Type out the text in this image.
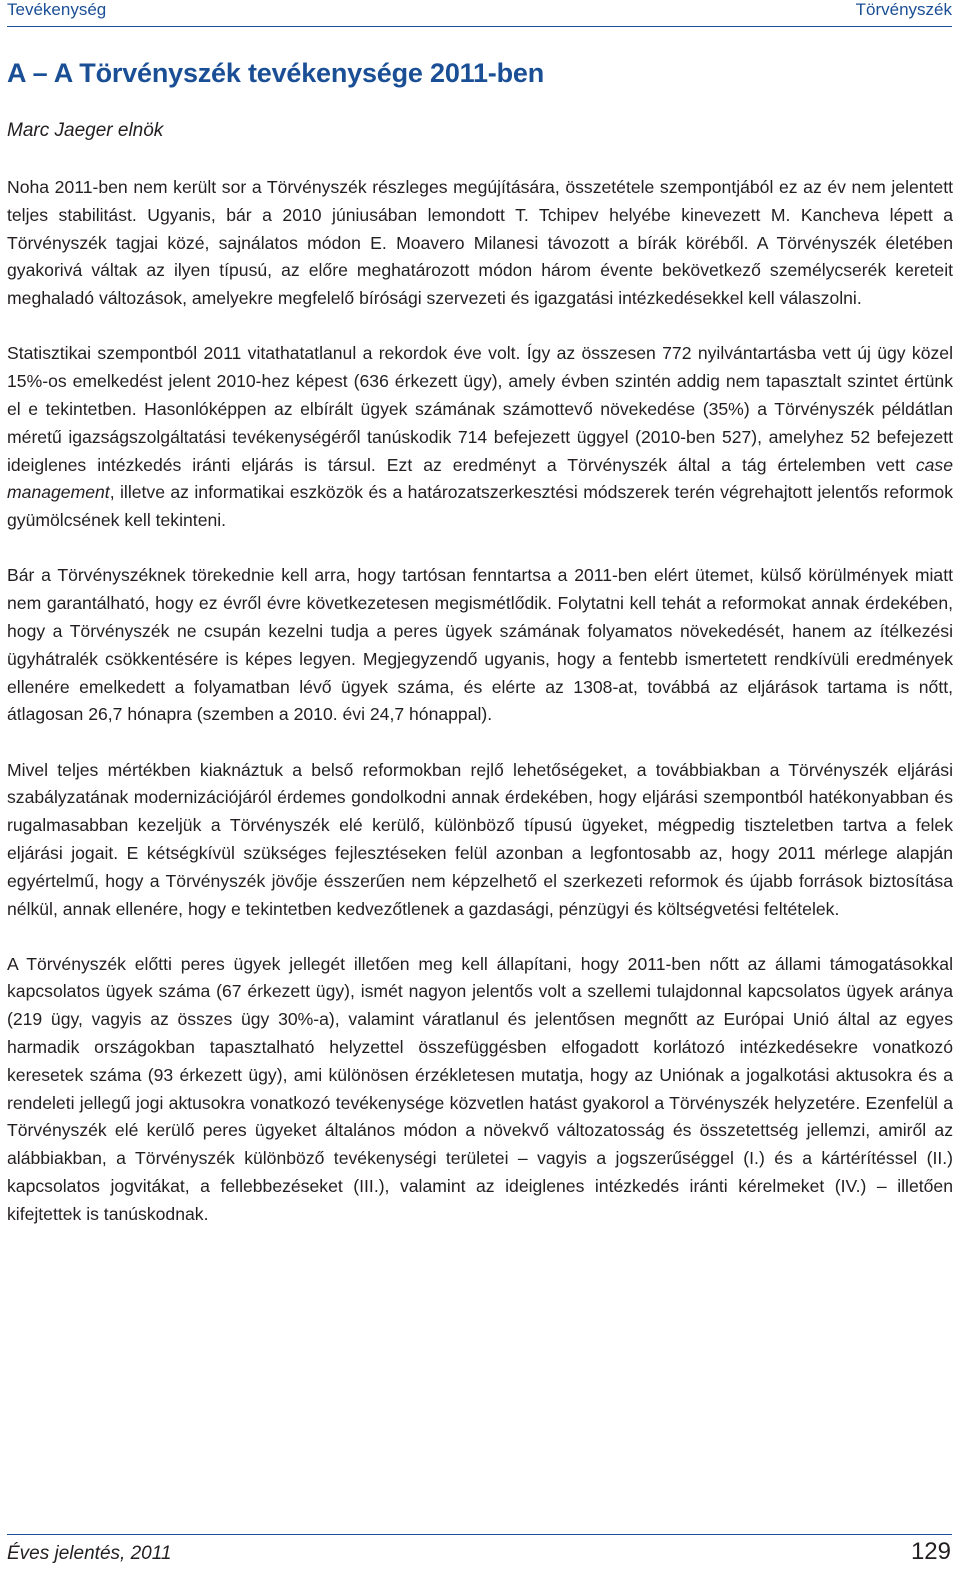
Tevékenység	Törvényszék
A – A Törvényszék tevékenysége 2011-ben
Marc Jaeger elnök

Noha 2011-ben nem került sor a Törvényszék részleges megújítására, összetétele szempontjából ez az év nem jelentett teljes stabilitást. Ugyanis, bár a 2010 júniusában lemondott T. Tchipev helyébe kinevezett M. Kancheva lépett a Törvényszék tagjai közé, sajnálatos módon E. Moavero Milanesi távozott a bírák köréből. A Törvényszék életében gyakorivá váltak az ilyen típusú, az előre meghatározott módon három évente bekövetkező személycserék kereteit meghaladó változások, amelyekre megfelelő bírósági szervezeti és igazgatási intézkedésekkel kell válaszolni.

Statisztikai szempontból 2011 vitathatatlanul a rekordok éve volt. Így az összesen 772 nyilvántartásba vett új ügy közel 15%-os emelkedést jelent 2010-hez képest (636 érkezett ügy), amely évben szintén addig nem tapasztalt szintet értünk el e tekintetben. Hasonlóképpen az elbírált ügyek számának számottevő növekedése (35%) a Törvényszék példátlan méretű igazságszolgáltatási tevékenységéről tanúskodik 714 befejezett üggyel (2010-ben 527), amelyhez 52 befejezett ideiglenes intézkedés iránti eljárás is társul. Ezt az eredményt a Törvényszék által a tág értelemben vett case management, illetve az informatikai eszközök és a határozatszerkesztési módszerek terén végrehajtott jelentős reformok gyümölcsének kell tekinteni.

Bár a Törvényszéknek törekednie kell arra, hogy tartósan fenntartsa a 2011-ben elért ütemet, külső körülmények miatt nem garantálható, hogy ez évről évre következetesen megismétlődik. Folytatni kell tehát a reformokat annak érdekében, hogy a Törvényszék ne csupán kezelni tudja a peres ügyek számának folyamatos növekedését, hanem az ítélkezési ügyhátralék csökkentésére is képes legyen. Megjegyzendő ugyanis, hogy a fentebb ismertetett rendkívüli eredmények ellenére emelkedett a folyamatban lévő ügyek száma, és elérte az 1308-at, továbbá az eljárások tartama is nőtt, átlagosan 26,7 hónapra (szemben a 2010. évi 24,7 hónappal).

Mivel teljes mértékben kiaknáztuk a belső reformokban rejlő lehetőségeket, a továbbiakban a Törvényszék eljárási szabályzatának modernizációjáról érdemes gondolkodni annak érdekében, hogy eljárási szempontból hatékonyabban és rugalmasabban kezeljük a Törvényszék elé kerülő, különböző típusú ügyeket, mégpedig tiszteletben tartva a felek eljárási jogait. E kétségkívül szükséges fejlesztéseken felül azonban a legfontosabb az, hogy 2011 mérlege alapján egyértelmű, hogy a Törvényszék jövője ésszerűen nem képzelhető el szerkezeti reformok és újabb források biztosítása nélkül, annak ellenére, hogy e tekintetben kedvezőtlenek a gazdasági, pénzügyi és költségvetési feltételek.

A Törvényszék előtti peres ügyek jellegét illetően meg kell állapítani, hogy 2011-ben nőtt az állami támogatásokkal kapcsolatos ügyek száma (67 érkezett ügy), ismét nagyon jelentős volt a szellemi tulajdonnal kapcsolatos ügyek aránya (219 ügy, vagyis az összes ügy 30%-a), valamint váratlanul és jelentősen megnőtt az Európai Unió által az egyes harmadik országokban tapasztalható helyzettel összefüggésben elfogadott korlátozó intézkedésekre vonatkozó keresetek száma (93 érkezett ügy), ami különösen érzékletesen mutatja, hogy az Uniónak a jogalkotási aktusokra és a rendeleti jellegű jogi aktusokra vonatkozó tevékenysége közvetlen hatást gyakorol a Törvényszék helyzetére. Ezenfelül a Törvényszék elé kerülő peres ügyeket általános módon a növekvő változatosság és összetettség jellemzi, amiről az alábbiakban, a Törvényszék különböző tevékenységi területei – vagyis a jogszerűséggel (I.) és a kártérítéssel (II.) kapcsolatos jogvitákat, a fellebbezéseket (III.), valamint az ideiglenes intézkedés iránti kérelmeket (IV.) – illetően kifejtettek is tanúskodnak.

Éves jelentés, 2011	129
